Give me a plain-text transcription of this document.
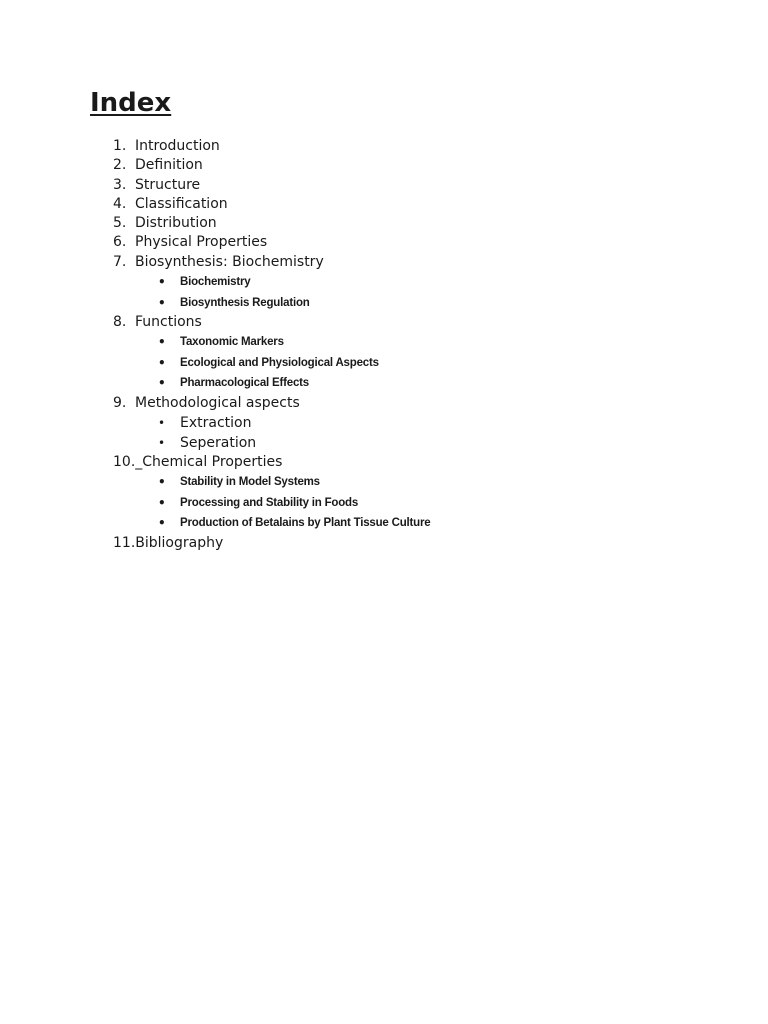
Index
1. Introduction
2. Definition
3. Structure
4. Classification
5. Distribution
6. Physical Properties
7. Biosynthesis: Biochemistry
• Biochemistry
• Biosynthesis Regulation
8. Functions
• Taxonomic Markers
• Ecological and Physiological Aspects
• Pharmacological Effects
9. Methodological aspects
• Extraction
• Seperation
10._Chemical Properties
• Stability in Model Systems
• Processing and Stability in Foods
• Production of Betalains by Plant Tissue Culture
11.Bibliography
